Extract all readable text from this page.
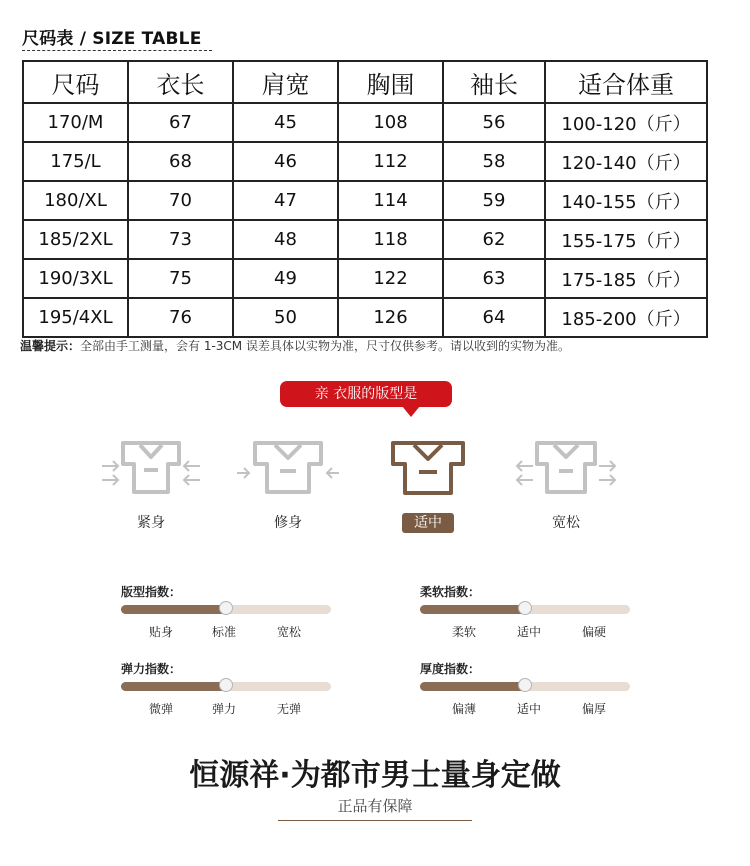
尺码表 / SIZE TABLE
尺码	衣长	肩宽	胸围	袖长	适合体重
170/M	67	45	108	56	100-120（斤）
175/L	68	46	112	58	120-140（斤）
180/XL	70	47	114	59	140-155（斤）
185/2XL	73	48	118	62	155-175（斤）
190/3XL	75	49	122	63	175-185（斤）
195/4XL	76	50	126	64	185-200（斤）
温馨提示：全部由手工测量，会有 1-3CM 误差具体以实物为准，尺寸仅供参考。请以收到的实物为准。
亲 衣服的版型是
紧身	修身	适中	宽松
版型指数：
贴身	标准	宽松
柔软指数：
柔软	适中	偏硬
弹力指数：
微弹	弹力	无弹
厚度指数：
偏薄	适中	偏厚
恒源祥·为都市男士量身定做
正品有保障
